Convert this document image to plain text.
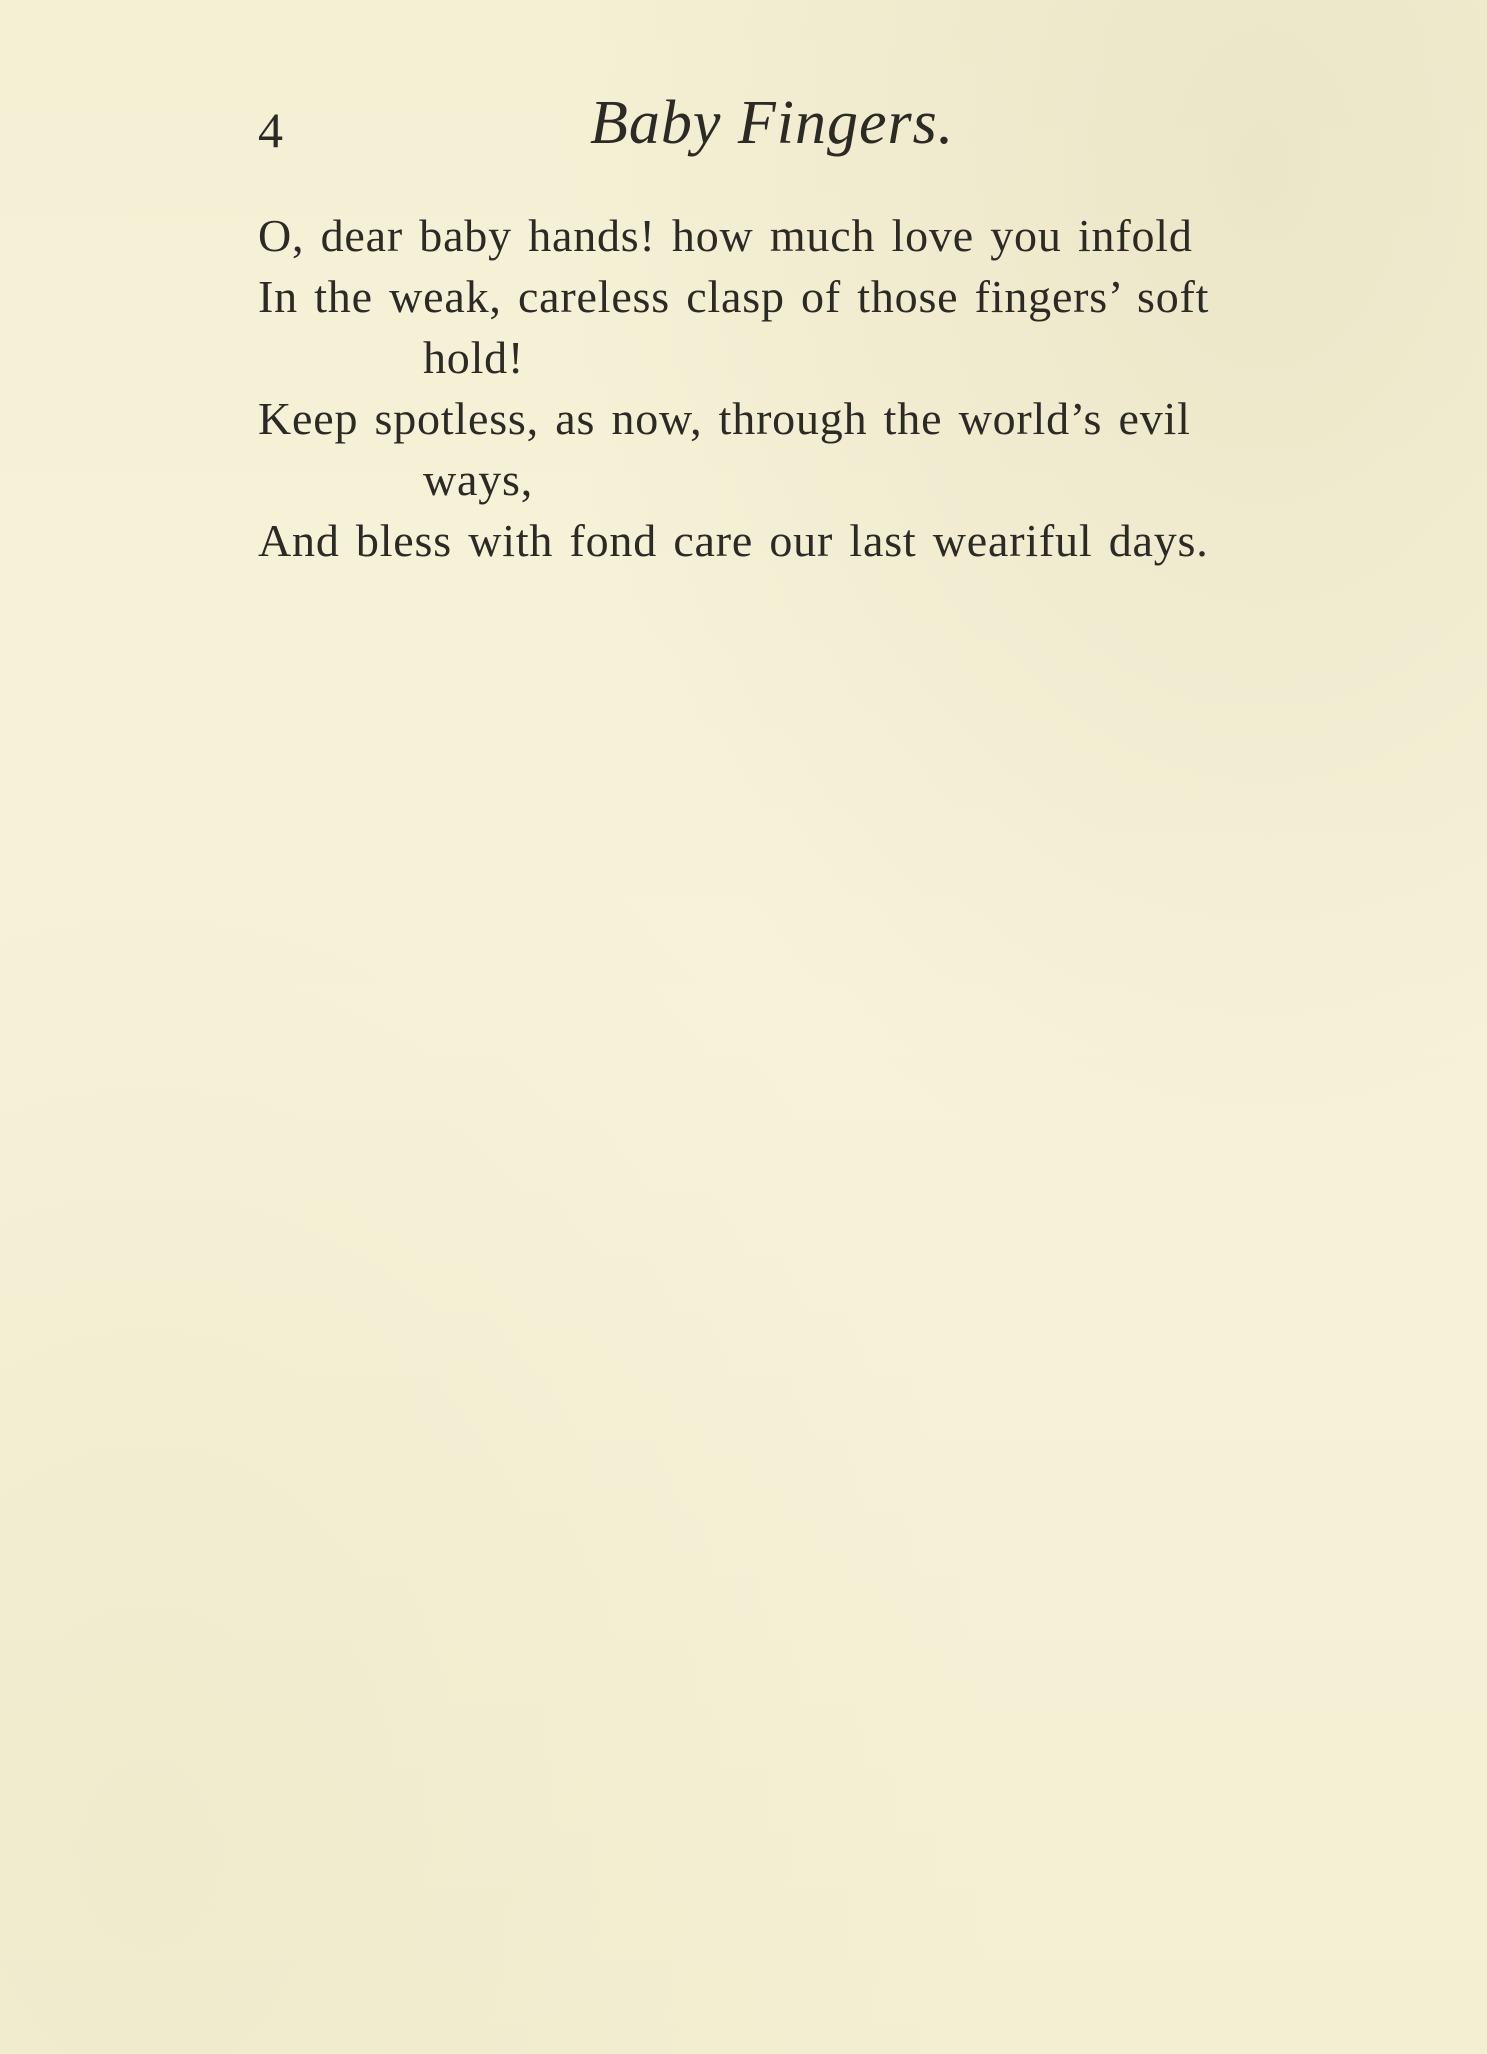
4	Baby Fingers.
O, dear baby hands! how much love you infold
In the weak, careless clasp of those fingers’ soft
hold!
Keep spotless, as now, through the world’s evil
ways,
And bless with fond care our last weariful days.
